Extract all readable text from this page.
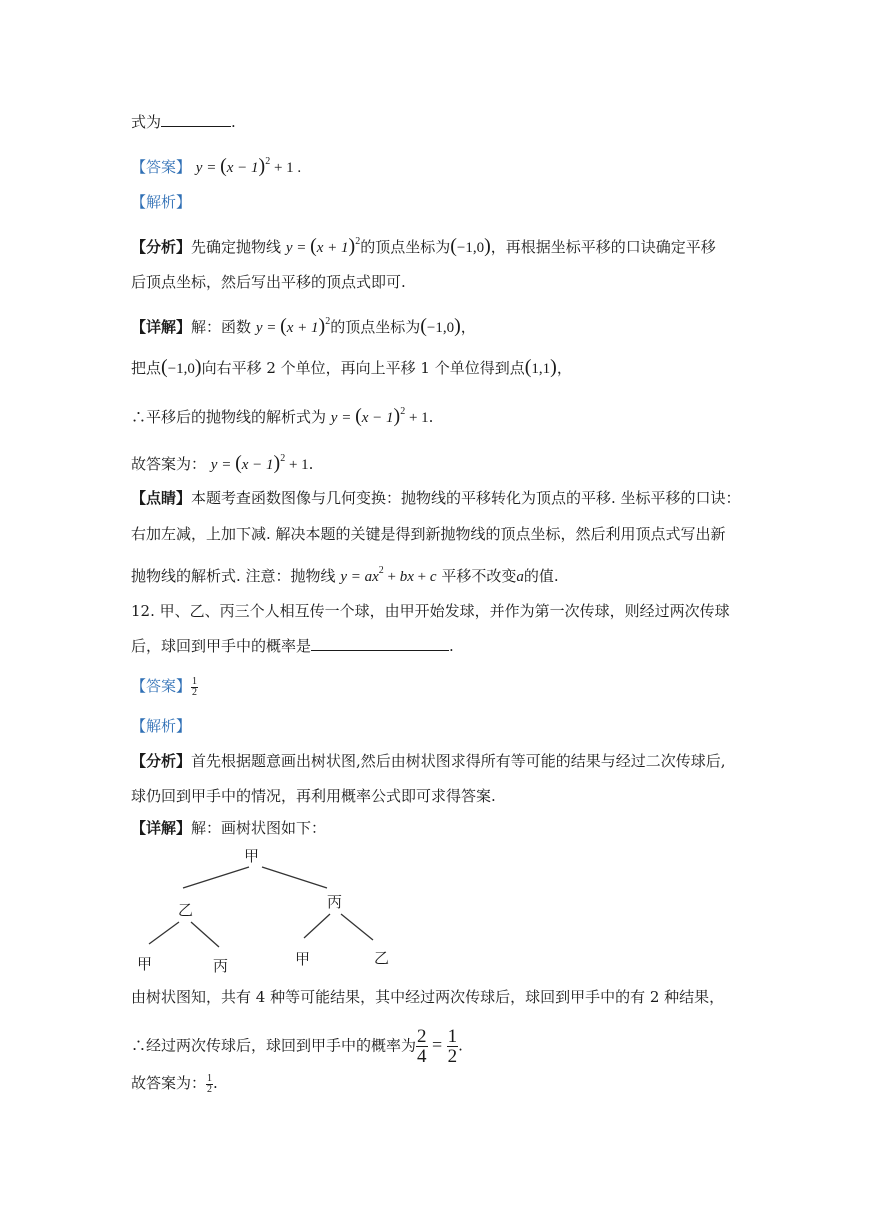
式为	.
【答案】 $y = (x - 1)^2 + 1$ .
【解析】
【分析】先确定抛物线 $y = (x + 1)^2$的顶点坐标为(−1,0)，再根据坐标平移的口诀确定平移
后顶点坐标，然后写出平移的顶点式即可.
【详解】解：函数 $y = (x + 1)^2$的顶点坐标为(−1,0)，
把点(−1,0)向右平移 2 个单位，再向上平移 1 个单位得到点(1,1)，
∴平移后的抛物线的解析式为 $y = (x - 1)^2 + 1$.
故答案为： $y = (x - 1)^2 + 1$.
【点睛】本题考查函数图像与几何变换：抛物线的平移转化为顶点的平移. 坐标平移的口诀：
右加左减，上加下减. 解决本题的关键是得到新抛物线的顶点坐标，然后利用顶点式写出新
抛物线的解析式. 注意：抛物线 $y = ax^2$ + bx + c 平移不改变a的值.
12. 甲、乙、丙三个人相互传一个球，由甲开始发球，并作为第一次传球，则经过两次传球
后，球回到甲手中的概率是	.
【答案】 $\frac{1}{2}$
【解析】
【分析】首先根据题意画出树状图,然后由树状图求得所有等可能的结果与经过二次传球后,
球仍回到甲手中的情况，再利用概率公式即可求得答案.
【详解】解：画树状图如下：
甲
乙	丙
甲	丙	甲	乙
由树状图知，共有 4 种等可能结果，其中经过两次传球后，球回到甲手中的有 2 种结果，
∴经过两次传球后，球回到甲手中的概率为 $\frac{2}{4} = \frac{1}{2}$ .
故答案为： $\frac{1}{2}$ .
